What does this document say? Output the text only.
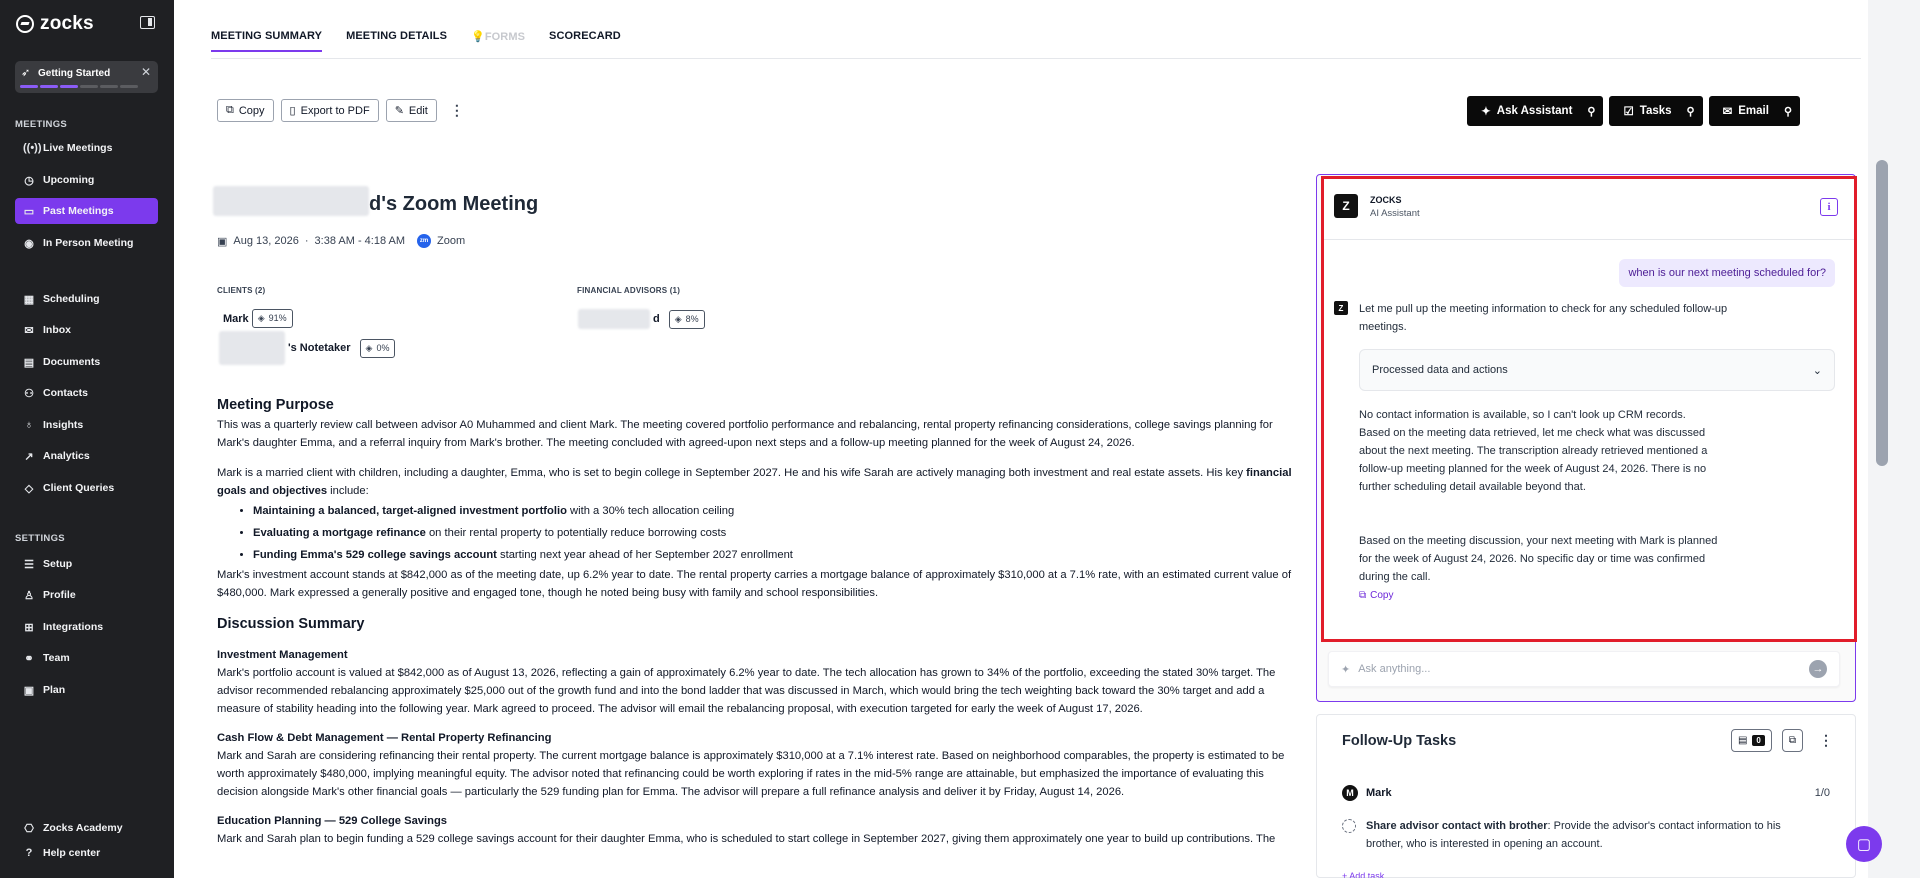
zocks
➶ Getting Started	✕
MEETINGS
((•)) Live Meetings
◷ Upcoming
▭ Past Meetings
◉ In Person Meeting
▦ Scheduling
✉ Inbox
▤ Documents
⚇ Contacts
♁ Insights
↗ Analytics
◇ Client Queries
SETTINGS
☰ Setup
♙ Profile
⊞ Integrations
⚭ Team
▣ Plan
⎔ Zocks Academy
? Help center
MEETING SUMMARY MEETING DETAILS 💡FORMS SCORECARD
⧉ Copy ▯ Export to PDF ✎ Edit	⋮	✦ Ask Assistant	⚲	☑ Tasks	⚲	✉ Email	⚲
d's Zoom Meeting
▣ Aug 13, 2026 · 3:38 AM - 4:18 AM	zm Zoom
CLIENTS (2)	FINANCIAL ADVISORS (1)
Mark ◈ 91%
's Notetaker ◈ 0%
d ◈ 8%
Meeting Purpose

This was a quarterly review call between advisor A0 Muhammed and client Mark. The meeting covered portfolio performance and rebalancing, rental property refinancing considerations, college savings planning for Mark's daughter Emma, and a referral inquiry from Mark's brother. The meeting concluded with agreed-upon next steps and a follow-up meeting planned for the week of August 24, 2026.

Mark is a married client with children, including a daughter, Emma, who is set to begin college in September 2027. He and his wife Sarah are actively managing both investment and real estate assets. His key financial goals and objectives include:

• Maintaining a balanced, target-aligned investment portfolio with a 30% tech allocation ceiling
• Evaluating a mortgage refinance on their rental property to potentially reduce borrowing costs
• Funding Emma's 529 college savings account starting next year ahead of her September 2027 enrollment

Mark's investment account stands at $842,000 as of the meeting date, up 6.2% year to date. The rental property carries a mortgage balance of approximately $310,000 at a 7.1% rate, with an estimated current value of $480,000. Mark expressed a generally positive and engaged tone, though he noted being busy with family and school responsibilities.

Discussion Summary
Investment Management

Mark's portfolio account is valued at $842,000 as of August 13, 2026, reflecting a gain of approximately 6.2% year to date. The tech allocation has grown to 34% of the portfolio, exceeding the stated 30% target. The advisor recommended rebalancing approximately $25,000 out of the growth fund and into the bond ladder that was discussed in March, which would bring the tech weighting back toward the 30% target and add a measure of stability heading into the following year. Mark agreed to proceed. The advisor will email the rebalancing proposal, with execution targeted for early the week of August 17, 2026.

Cash Flow & Debt Management — Rental Property Refinancing

Mark and Sarah are considering refinancing their rental property. The current mortgage balance is approximately $310,000 at a 7.1% interest rate. Based on neighborhood comparables, the property is estimated to be worth approximately $480,000, implying meaningful equity. The advisor noted that refinancing could be worth exploring if rates in the mid-5% range are attainable, but emphasized the importance of evaluating this decision alongside Mark's other financial goals — particularly the 529 funding plan for Emma. The advisor will prepare a full refinance analysis and deliver it by Friday, August 14, 2026.

Education Planning — 529 College Savings

Mark and Sarah plan to begin funding a 529 college savings account for their daughter Emma, who is scheduled to start college in September 2027, giving them approximately one year to build up contributions. The

Z	ZOCKS
AI Assistant
i
when is our next meeting scheduled for?
Z	Let me pull up the meeting information to check for any scheduled follow-up meetings.
Processed data and actions	⌄
No contact information is available, so I can't look up CRM records. Based on the meeting data retrieved, let me check what was discussed about the next meeting. The transcription already retrieved mentioned a follow-up meeting planned for the week of August 24, 2026. There is no further scheduling detail available beyond that.
Based on the meeting discussion, your next meeting with Mark is planned for the week of August 24, 2026. No specific day or time was confirmed during the call.
⧉ Copy
✦ Ask anything...	→
Follow-Up Tasks	▤	0	⧉	⋮
M	Mark	1/0
Share advisor contact with brother: Provide the advisor's contact information to his brother, who is interested in opening an account.
+ Add task
▢
